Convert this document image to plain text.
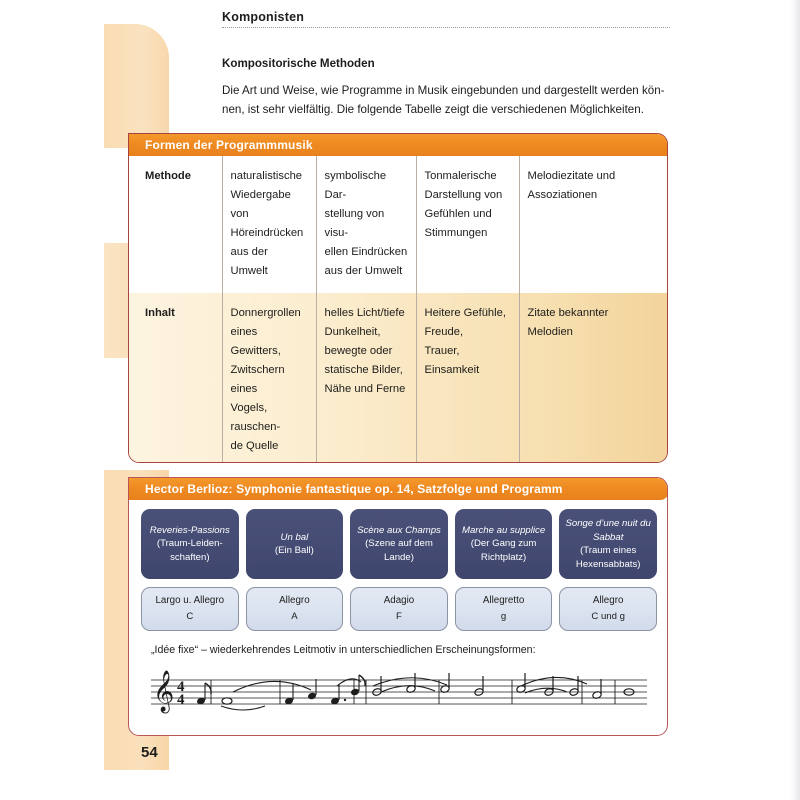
Komponisten
Kompositorische Methoden
Die Art und Weise, wie Programme in Musik eingebunden und dargestellt werden kön-
nen, ist sehr vielfältig. Die folgende Tabelle zeigt die verschiedenen Möglichkeiten.
Formen der Programmmusik
Methode	naturalistische
Wiedergabe von
Höreindrücken
aus der Umwelt	symbolische Dar-
stellung von visu-
ellen Eindrücken
aus der Umwelt	Tonmalerische
Darstellung von
Gefühlen und
Stimmungen	Melodiezitate und
Assoziationen
Inhalt	Donnergrollen
eines Gewitters,
Zwitschern eines
Vogels, rauschen-
de Quelle	helles Licht/tiefe
Dunkelheit,
bewegte oder
statische Bilder,
Nähe und Ferne	Heitere Gefühle,
Freude,
Trauer, Einsamkeit	Zitate bekannter
Melodien

Hector Berlioz: Symphonie fantastique op. 14, Satzfolge und Programm
Reveries-Passions
(Traum-Leiden-
schaften)
Un bal
(Ein Ball)
Scène aux Champs
(Szene auf dem
Lande)
Marche au supplice
(Der Gang zum
Richtplatz)
Songe d’une nuit du Sabbat
(Traum eines
Hexensabbats)
Largo u. Allegro
C
Allegro
A
Adagio
F
Allegretto
g
Allegro
C und g
„Idée fixe“ – wiederkehrendes Leitmotiv in unterschiedlichen Erscheinungsformen:
𝄞 4
4
54
